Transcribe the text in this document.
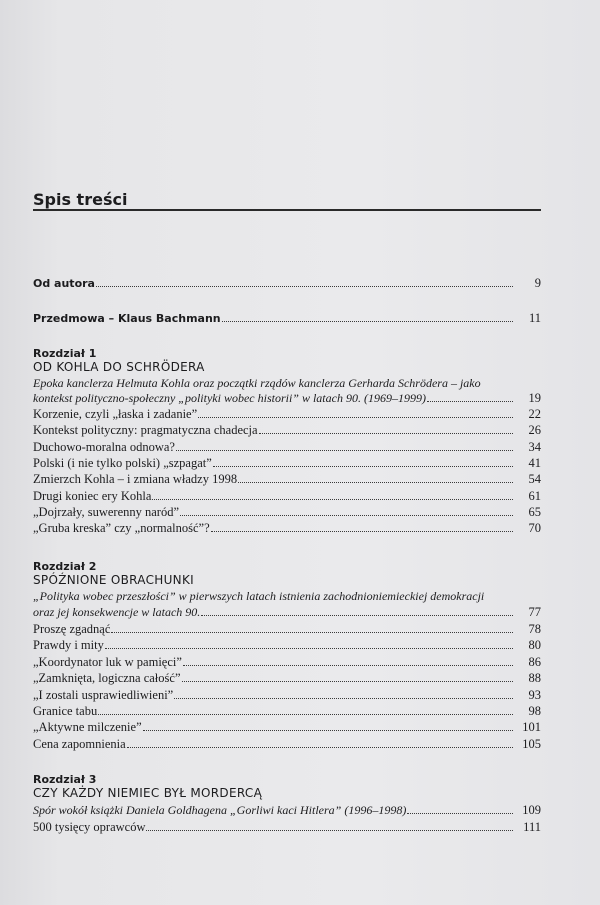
Spis treści
Od autora	9
Przedmowa – Klaus Bachmann	11
Rozdział 1
OD KOHLA DO SCHRÖDERA
Epoka kanclerza Helmuta Kohla oraz początki rządów kanclerza Gerharda Schrödera – jako
kontekst polityczno-społeczny „polityki wobec historii” w latach 90. (1969–1999)	19
Korzenie, czyli „łaska i zadanie”	22
Kontekst polityczny: pragmatyczna chadecja	26
Duchowo-moralna odnowa?	34
Polski (i nie tylko polski) „szpagat”	41
Zmierzch Kohla – i zmiana władzy 1998	54
Drugi koniec ery Kohla	61
„Dojrzały, suwerenny naród”	65
„Gruba kreska” czy „normalność”?	70
Rozdział 2
SPÓŹNIONE OBRACHUNKI
„Polityka wobec przeszłości” w pierwszych latach istnienia zachodnioniemieckiej demokracji
oraz jej konsekwencje w latach 90.	77
Proszę zgadnąć	78
Prawdy i mity	80
„Koordynator luk w pamięci”	86
„Zamknięta, logiczna całość”	88
„I zostali usprawiedliwieni”	93
Granice tabu	98
„Aktywne milczenie”	101
Cena zapomnienia	105
Rozdział 3
CZY KAŻDY NIEMIEC BYŁ MORDERCĄ
Spór wokół książki Daniela Goldhagena „Gorliwi kaci Hitlera” (1996–1998)	109
500 tysięcy oprawców	111
